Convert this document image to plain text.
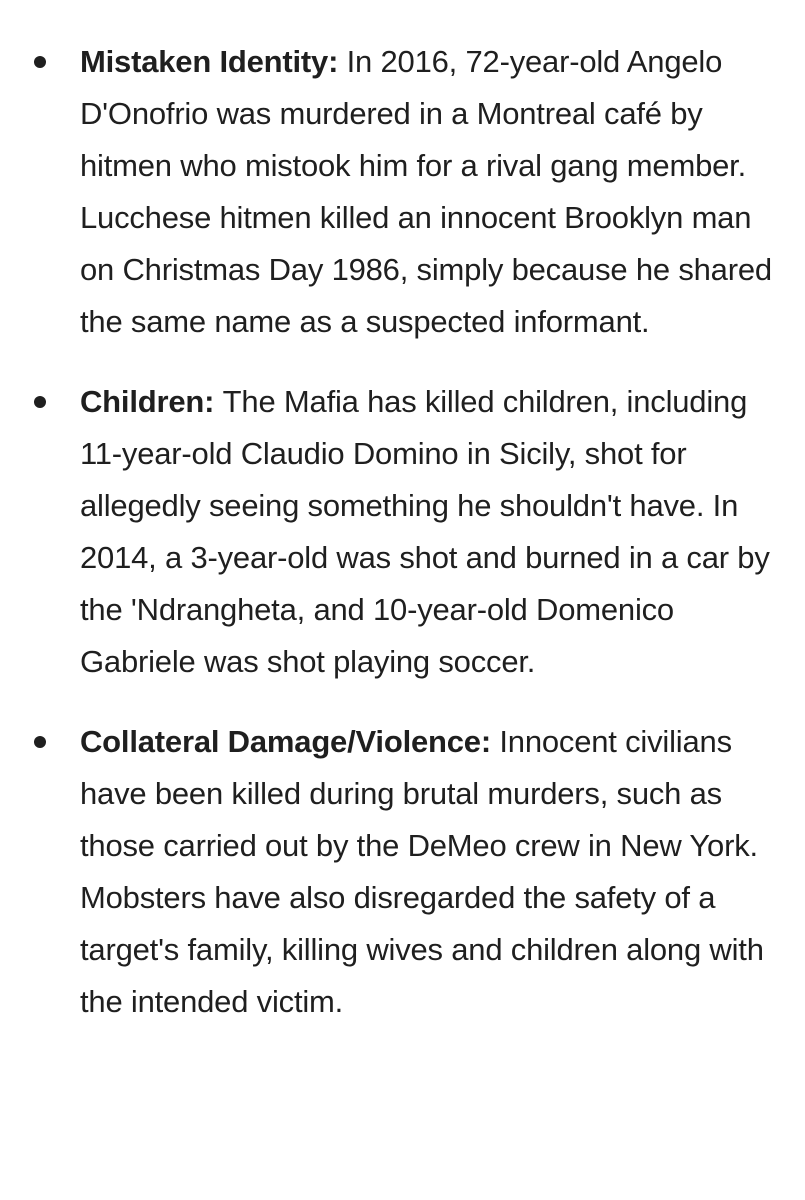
Mistaken Identity: In 2016, 72-year-old Angelo D'Onofrio was murdered in a Montreal café by hitmen who mistook him for a rival gang member. Lucchese hitmen killed an innocent Brooklyn man on Christmas Day 1986, simply because he shared the same name as a suspected informant.
Children: The Mafia has killed children, including 11-year-old Claudio Domino in Sicily, shot for allegedly seeing something he shouldn't have. In 2014, a 3-year-old was shot and burned in a car by the 'Ndrangheta, and 10-year-old Domenico Gabriele was shot playing soccer.
Collateral Damage/Violence: Innocent civilians have been killed during brutal murders, such as those carried out by the DeMeo crew in New York. Mobsters have also disregarded the safety of a target's family, killing wives and children along with the intended victim.
